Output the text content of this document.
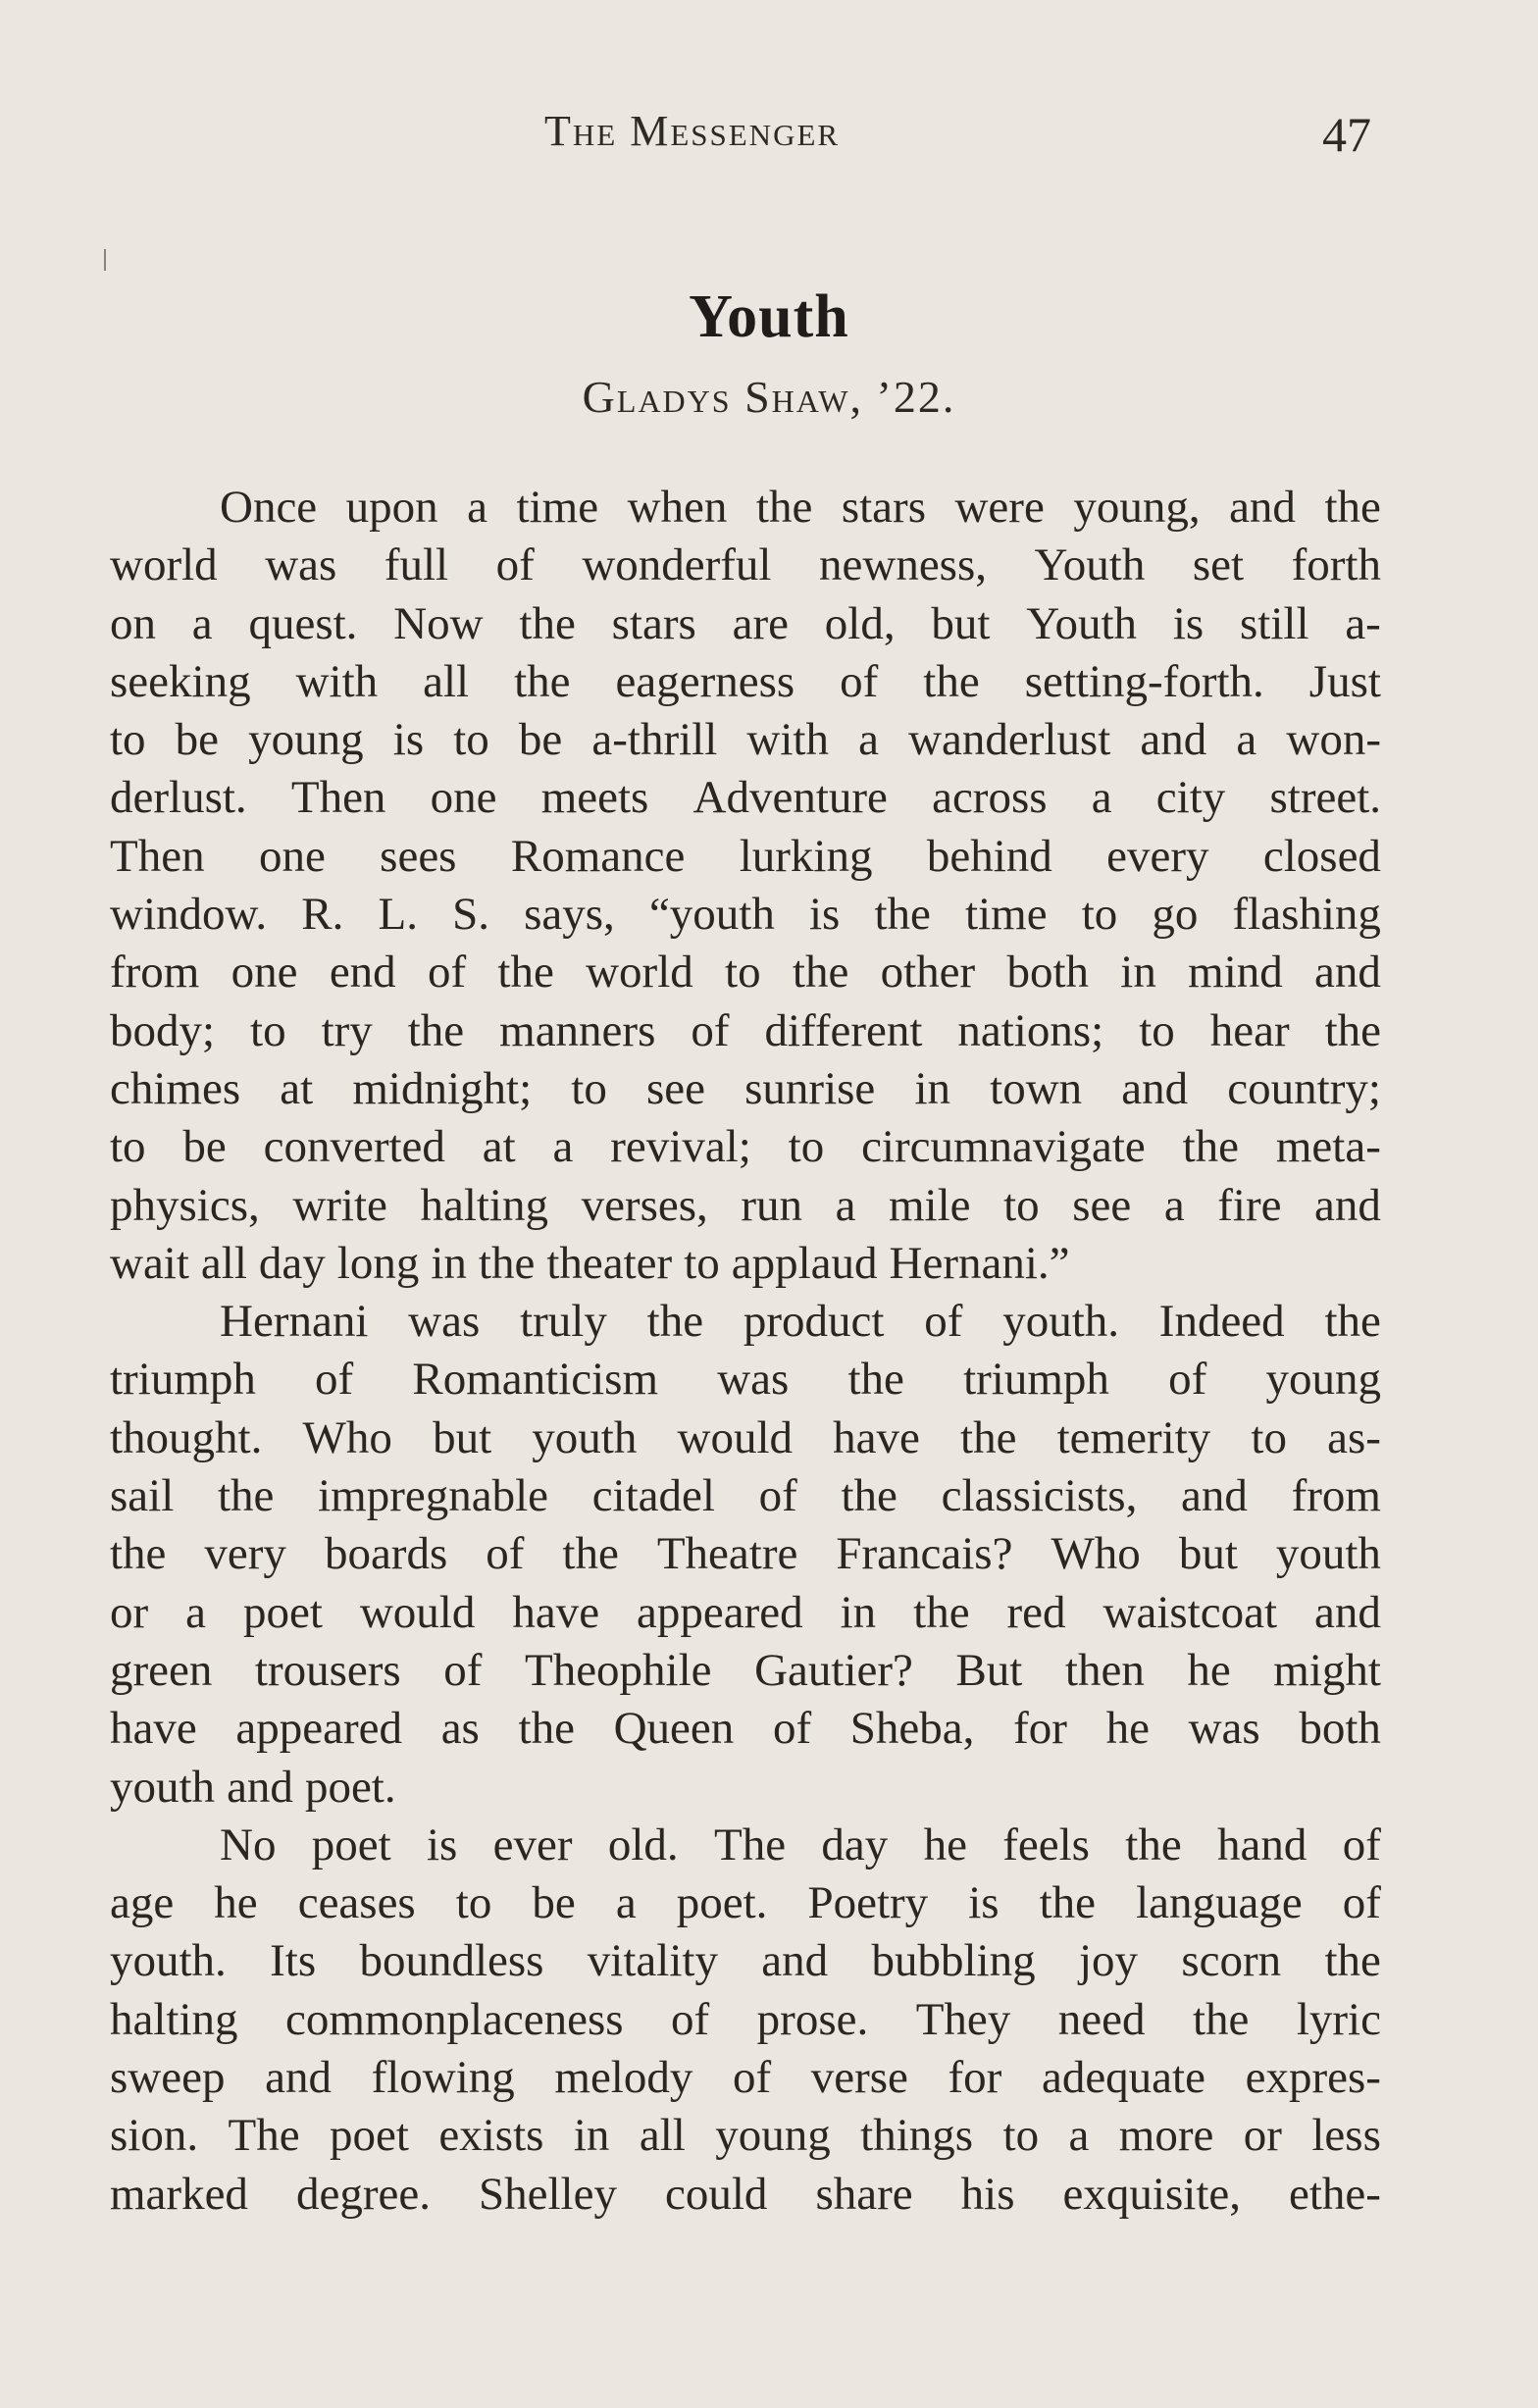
The Messenger	47
Youth
Gladys Shaw, ’22.
Once upon a time when the stars were young, and the
world was full of wonderful newness, Youth set forth
on a quest. Now the stars are old, but Youth is still a-
seeking with all the eagerness of the setting-forth. Just
to be young is to be a-thrill with a wanderlust and a won-
derlust. Then one meets Adventure across a city street.
Then one sees Romance lurking behind every closed
window. R. L. S. says, “youth is the time to go flashing
from one end of the world to the other both in mind and
body; to try the manners of different nations; to hear the
chimes at midnight; to see sunrise in town and country;
to be converted at a revival; to circumnavigate the meta-
physics, write halting verses, run a mile to see a fire and
wait all day long in the theater to applaud Hernani.”
Hernani was truly the product of youth. Indeed the
triumph of Romanticism was the triumph of young
thought. Who but youth would have the temerity to as-
sail the impregnable citadel of the classicists, and from
the very boards of the Theatre Francais? Who but youth
or a poet would have appeared in the red waistcoat and
green trousers of Theophile Gautier? But then he might
have appeared as the Queen of Sheba, for he was both
youth and poet.
No poet is ever old. The day he feels the hand of
age he ceases to be a poet. Poetry is the language of
youth. Its boundless vitality and bubbling joy scorn the
halting commonplaceness of prose. They need the lyric
sweep and flowing melody of verse for adequate expres-
sion. The poet exists in all young things to a more or less
marked degree. Shelley could share his exquisite, ethe-
